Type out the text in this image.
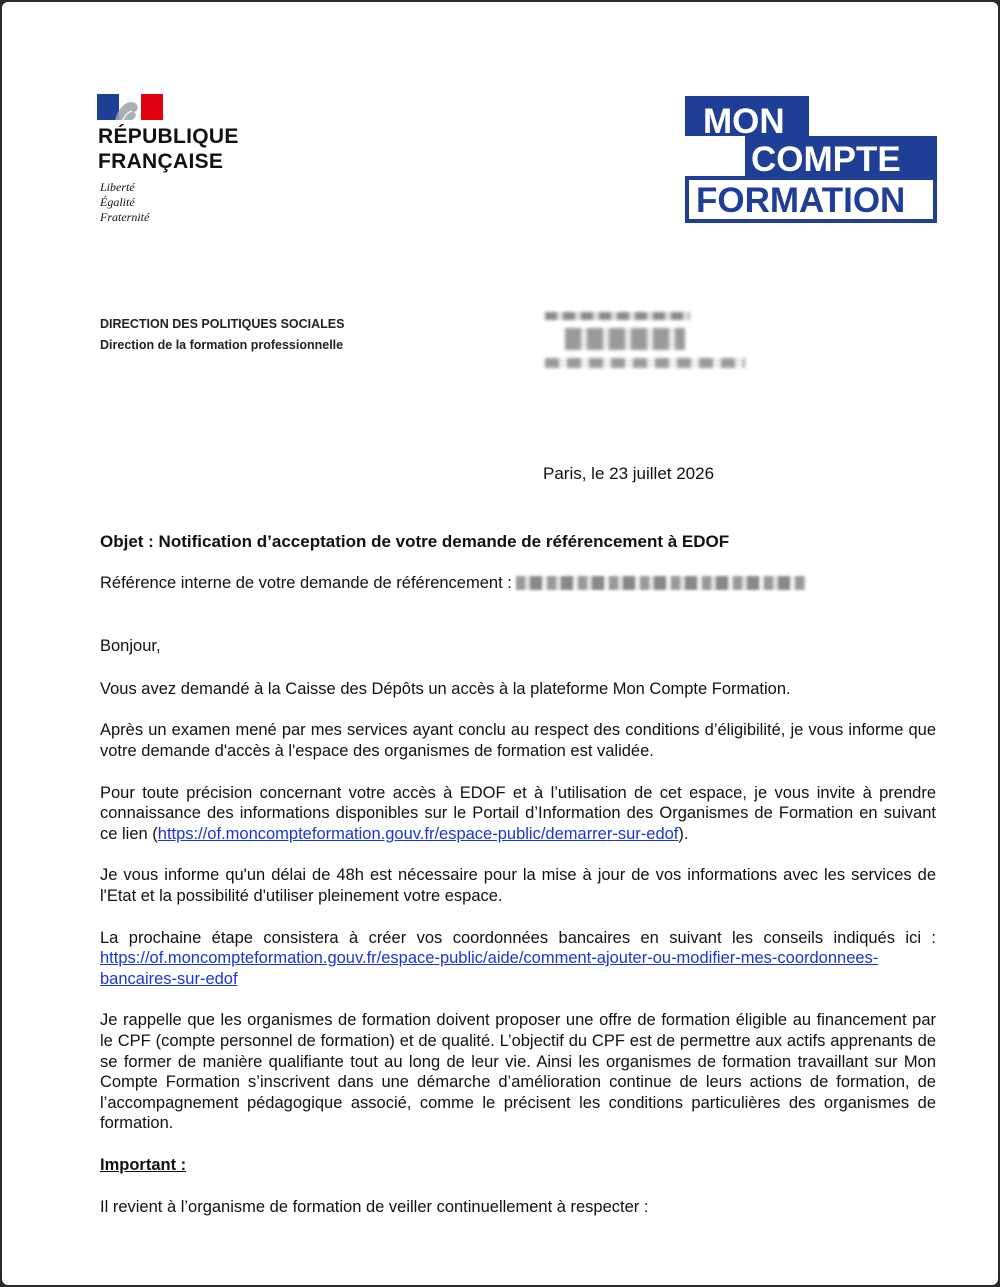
RÉPUBLIQUE
FRANÇAISE
Liberté
Égalité
Fraternité
MON
COMPTE
FORMATION
DIRECTION DES POLITIQUES SOCIALES
Direction de la formation professionnelle
Paris, le 23 juillet 2026
Objet : Notification d’acceptation de votre demande de référencement à EDOF
Référence interne de votre demande de référencement :

Bonjour,

Vous avez demandé à la Caisse des Dépôts un accès à la plateforme Mon Compte Formation.

Après un examen mené par mes services ayant conclu au respect des conditions d’éligibilité, je vous informe que votre demande d'accès à l'espace des organismes de formation est validée.

Pour toute précision concernant votre accès à EDOF et à l’utilisation de cet espace, je vous invite à prendre connaissance des informations disponibles sur le Portail d’Information des Organismes de Formation en suivant ce lien (https://of.moncompteformation.gouv.fr/espace-public/demarrer-sur-edof).

Je vous informe qu'un délai de 48h est nécessaire pour la mise à jour de vos informations avec les services de l'Etat et la possibilité d'utiliser pleinement votre espace.

La prochaine étape consistera à créer vos coordonnées bancaires en suivant les conseils indiqués ici : https://of.moncompteformation.gouv.fr/espace-public/aide/comment-ajouter-ou-modifier-mes-coordonnees-bancaires-sur-edof

Je rappelle que les organismes de formation doivent proposer une offre de formation éligible au financement par le CPF (compte personnel de formation) et de qualité. L’objectif du CPF est de permettre aux actifs apprenants de se former de manière qualifiante tout au long de leur vie. Ainsi les organismes de formation travaillant sur Mon Compte Formation s’inscrivent dans une démarche d’amélioration continue de leurs actions de formation, de l’accompagnement pédagogique associé, comme le précisent les conditions particulières des organismes de formation.

Important :

Il revient à l’organisme de formation de veiller continuellement à respecter :
